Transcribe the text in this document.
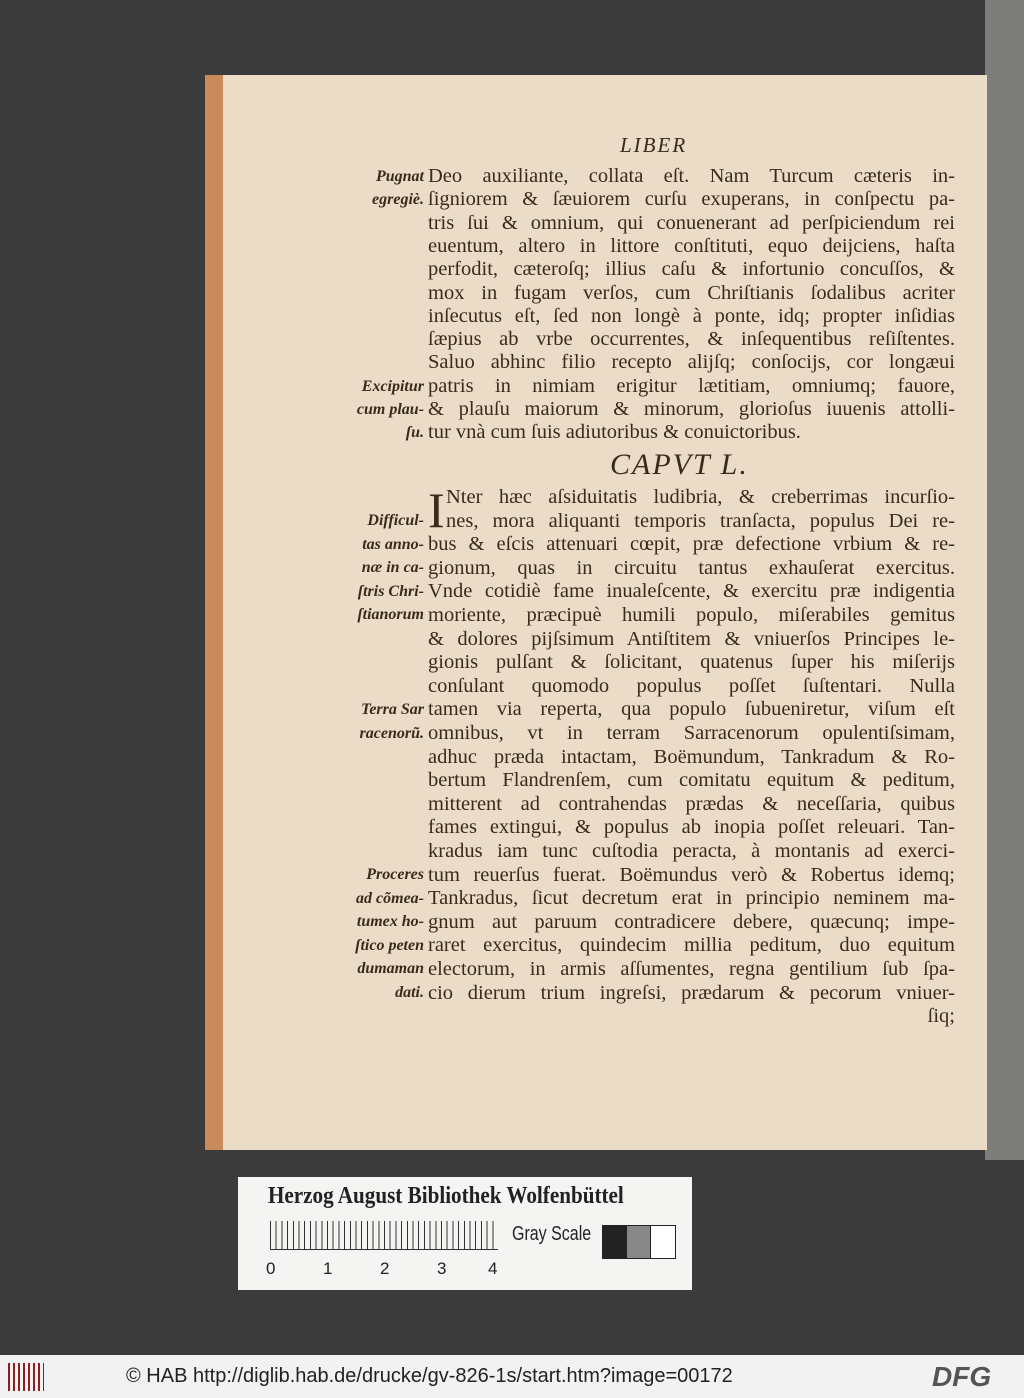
LIBER
CAPVT L.
I
Deo auxiliante, collata eſt. Nam Turcum cæteris in-
ſigniorem & ſæuiorem curſu exuperans, in conſpectu pa-
tris ſui & omnium, qui conuenerant ad perſpiciendum rei
euentum, altero in littore conſtituti, equo deijciens, haſta
perfodit, cæteroſq; illius caſu & infortunio concuſſos, &
mox in fugam verſos, cum Chriſtianis ſodalibus acriter
inſecutus eſt, ſed non longè à ponte, idq; propter inſidias
ſæpius ab vrbe occurrentes, & inſequentibus reſiſtentes.
Saluo abhinc filio recepto alijſq; conſocijs, cor longæui
patris in nimiam erigitur lætitiam, omniumq; fauore,
& plauſu maiorum & minorum, glorioſus iuuenis attolli-
tur vnà cum ſuis adiutoribus & conuictoribus.
Nter hæc aſsiduitatis ludibria, & creberrimas incurſio-
nes, mora aliquanti temporis tranſacta, populus Dei re-
bus & eſcis attenuari cœpit, præ defectione vrbium & re-
gionum, quas in circuitu tantus exhauſerat exercitus.
Vnde cotidiè fame inualeſcente, & exercitu præ indigentia
moriente, præcipuè humili populo, miſerabiles gemitus
& dolores pijſsimum Antiſtitem & vniuerſos Principes le-
gionis pulſant & ſolicitant, quatenus ſuper his miſerijs
conſulant quomodo populus poſſet ſuſtentari. Nulla
tamen via reperta, qua populo ſubueniretur, viſum eſt
omnibus, vt in terram Sarracenorum opulentiſsimam,
adhuc præda intactam, Boëmundum, Tankradum & Ro-
bertum Flandrenſem, cum comitatu equitum & peditum,
mitterent ad contrahendas prædas & neceſſaria, quibus
fames extingui, & populus ab inopia poſſet releuari. Tan-
kradus iam tunc cuſtodia peracta, à montanis ad exerci-
tum reuerſus fuerat. Boëmundus verò & Robertus idemq;
Tankradus, ſicut decretum erat in principio neminem ma-
gnum aut paruum contradicere debere, quæcunq; impe-
raret exercitus, quindecim millia peditum, duo equitum
electorum, in armis aſſumentes, regna gentilium ſub ſpa-
cio dierum trium ingreſsi, prædarum & pecorum vniuer-
ſiq;
Pugnat
egregiè.
Excipitur
cum plau-
ſu.
Difficul-
tas anno-
næ in ca-
ſtris Chri-
ſtianorum
Terra Sar
racenorũ.
Proceres
ad cõmea-
tumex ho-
ſtico peten
dumaman
dati.
Herzog August Bibliothek Wolfenbüttel
0	1	2	3 4
Gray Scale
© HAB http://diglib.hab.de/drucke/gv-826-1s/start.htm?image=00172	DFG
